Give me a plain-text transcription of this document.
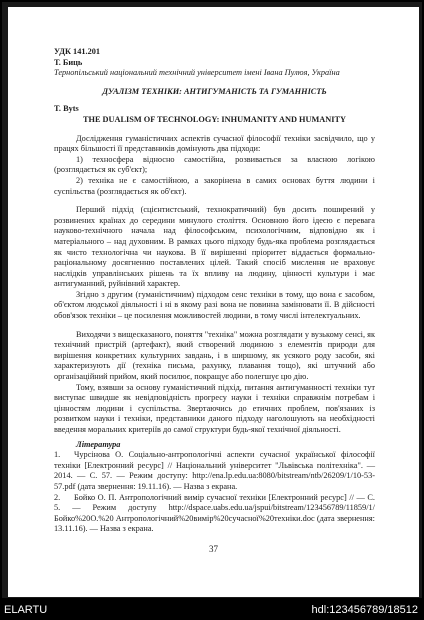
УДК 141.201

Т. Биць

Тернопільський національний технічний університет імені Івана Пулюя, Україна

ДУАЛІЗМ ТЕХНІКИ: АНТИГУМАНІСТЬ ТА ГУМАННІСТЬ

T. Byts

THE DUALISM OF TECHNOLOGY: INHUMANITY AND HUMANITY

Дослідження гуманістичних аспектів сучасної філософії техніки засвідчило, що у працях більшості її представників домінують два підходи:

1) техносфера відносно самостійна, розвивається за власною логікою (розглядається як суб'єкт);

2) техніка не є самостійною, а закорінена в самих основах буття людини і суспільства (розглядається як об'єкт).

Перший підхід (сцієнтистський, технократичний) був досить поширений у розвинених країнах до середини минулого століття. Основною його ідеєю є перевага науково-технічного начала над філософським, психологічним, відповідно як і матеріального – над духовним. В рамках цього підходу будь-яка проблема розглядається як чисто технологічна чи наукова. В її вирішенні пріоритет віддається формально-раціональному досягненню поставлених цілей. Такий спосіб мислення не враховує наслідків управлінських рішень та їх впливу на людину, цінності культури і має антигуманний, руйнівний характер.

Згідно з другим (гуманістичним) підходом сенс техніки в тому, що вона є засобом, об'єктом людської діяльності і ні в якому разі вона не повинна замінювати її. В дійсності обов'язок техніки – це посилення можливостей людини, в тому числі інтелектуальних.

Виходячи з вищесказаного, поняття "техніка" можна розглядати у вузькому сенсі, як технічний пристрій (артефакт), який створений людиною з елементів природи для вирішення конкретних культурних завдань, і в ширшому, як усякого роду засоби, які характеризують дії (техніка письма, рахунку, плавання тощо), які штучний або організаційний прийом, який посилює, покращує або полегшує цю дію.

Тому, взявши за основу гуманістичний підхід, питання антигуманності техніки тут виступає швидше як невідповідність прогресу науки і техніки справжнім потребам і цінностям людини і суспільства. Звертаючись до етичних проблем, пов'язаних із розвитком науки і техніки, представники даного підходу наголошують на необхідності введення моральних критеріїв до самої структури будь-якої технічної діяльності.

Література

1. Чурсінова О. Соціально-антропологічні аспекти сучасної української філософії техніки [Електронний ресурс] // Національний університет "Львівська політехніка". — 2014. — С. 57. — Режим доступу: http://ena.lp.edu.ua:8080/bitstream/ntb/26209/1/10-53-57.pdf (дата звернення: 19.11.16). — Назва з екрана.

2. Бойко О. П. Антропологічний вимір сучасної техніки [Електронний ресурс] // — С. 5. — Режим доступу http://dspace.uabs.edu.ua/jspui/bitstream/123456789/11859/1/Бойко%20О.%20 Антропологічний%20вимір%20сучасної%20техніки.doc (дата звернення: 13.11.16). — Назва з екрана.

37
ELARTU	hdl:123456789/18512
